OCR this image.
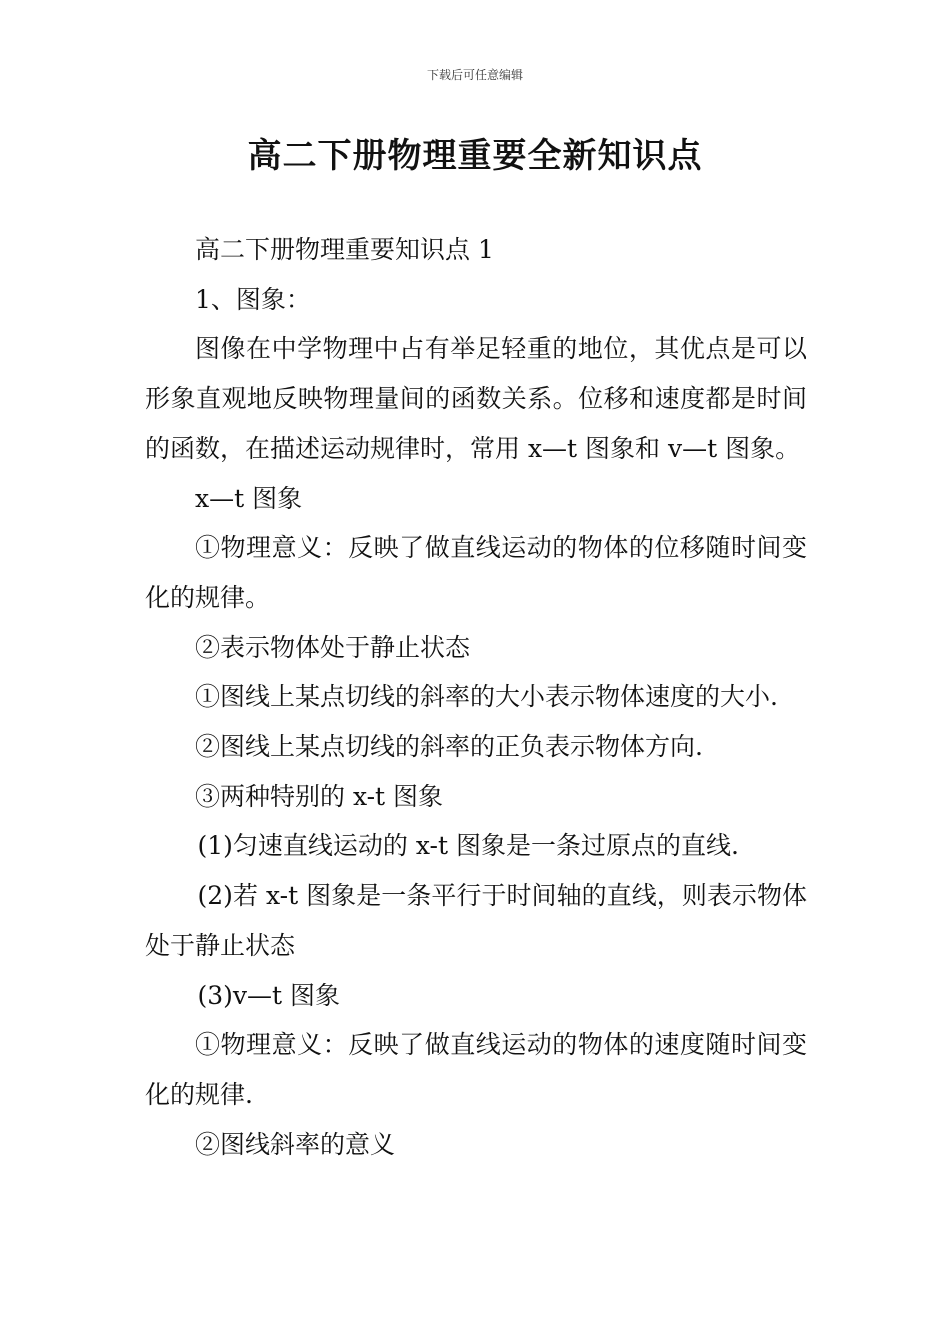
下载后可任意编辑
高二下册物理重要全新知识点

高二下册物理重要知识点 1

1、图象：

图像在中学物理中占有举足轻重的地位，其优点是可以形象直观地反映物理量间的函数关系。位移和速度都是时间的函数，在描述运动规律时，常用 x—t 图象和 v—t 图象。

x—t 图象

①物理意义：反映了做直线运动的物体的位移随时间变化的规律。

②表示物体处于静止状态

①图线上某点切线的斜率的大小表示物体速度的大小.

②图线上某点切线的斜率的正负表示物体方向.

③两种特别的 x-t 图象

(1)匀速直线运动的 x-t 图象是一条过原点的直线.

(2)若 x-t 图象是一条平行于时间轴的直线，则表示物体处于静止状态

(3)v—t 图象

①物理意义：反映了做直线运动的物体的速度随时间变化的规律.

②图线斜率的意义
